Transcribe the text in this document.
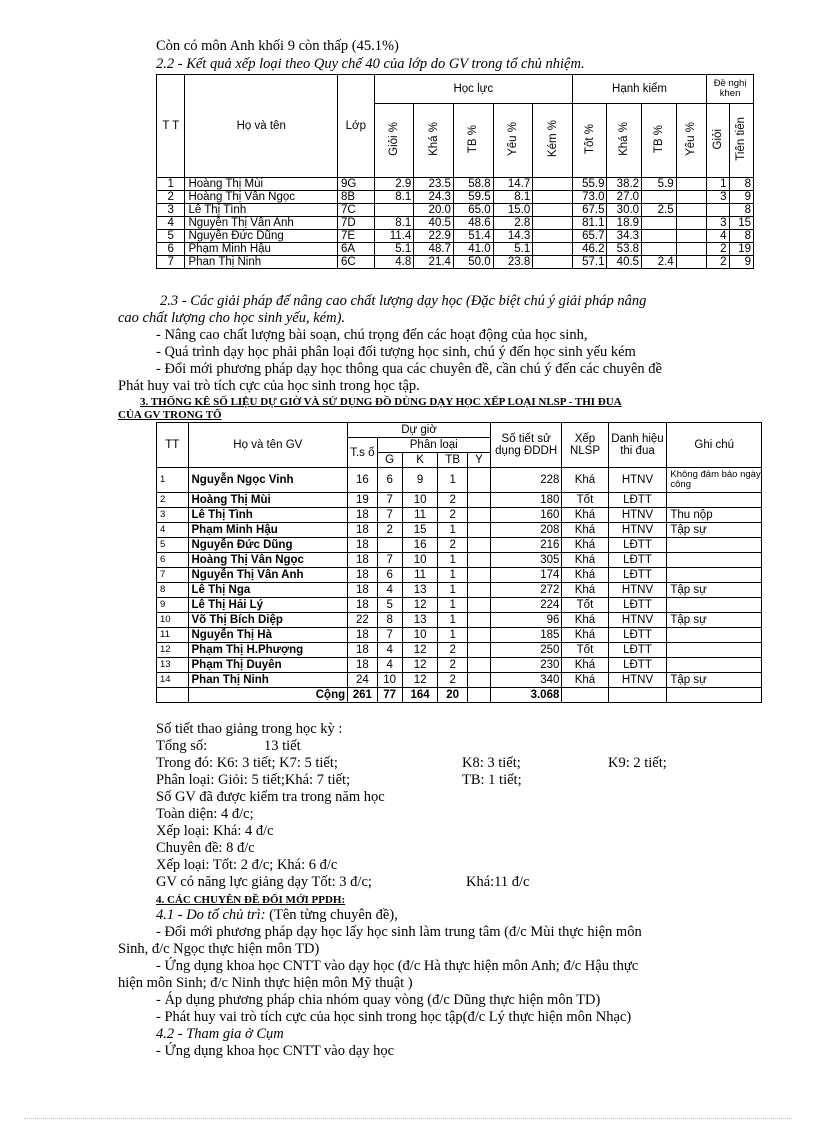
Còn có môn Anh khối 9 còn thấp (45.1%)
2.2 - Kết quả xếp loại theo Quy chế 40 của lớp do GV trong tổ chủ nhiệm.
T T	Họ và tên	Lớp	Học lực					Hạnh kiểm				Đề nghị khen	
			Giỏi %	Khá %	TB %	Yếu %	Kém %	Tốt %	Khá %	TB %	Yếu %	Giỏi	Tiên tiến
1	Hoàng Thị Mùi	9G	2.9	23.5	58.8	14.7		55.9	38.2	5.9		1	8
2	Hoàng Thị Vân Ngọc	8B	8.1	24.3	59.5	8.1		73.0	27.0			3	9
3	Lê Thị Tình	7C		20.0	65.0	15.0		67.5	30.0	2.5			8
4	Nguyễn Thị Vân Anh	7D	8.1	40.5	48.6	2.8		81.1	18.9			3	15
5	Nguyễn Đức Dũng	7E	11.4	22.9	51.4	14.3		65.7	34.3			4	8
6	Phạm Minh Hậu	6A	5.1	48.7	41.0	5.1		46.2	53.8			2	19
7	Phan Thị Ninh	6C	4.8	21.4	50.0	23.8		57.1	40.5	2.4		2	9
2.3 - Các giải pháp để nâng cao chất lượng dạy học (Đặc biệt chú ý giải pháp nâng
cao chất lượng cho học sinh yếu, kém).
- Nâng cao chất lượng bài soạn, chú trọng đến các hoạt động của học sinh,
- Quá trình dạy học phải phân loại đối tượng học sinh, chú ý đến học sinh yếu kém
- Đổi mới phương pháp dạy học thông qua các chuyên đề, cần chú ý đến các chuyên đề
Phát huy vai trò tích cực của học sinh trong học tập.
3. THỐNG KÊ SỐ LIỆU DỰ GIỜ VÀ SỬ DỤNG ĐỒ DÙNG DẠY HỌC XẾP LOẠI NLSP - THI ĐUA
CỦA GV TRONG TỔ
TT	Họ và tên GV	Dự giờ					Số tiết sử dụng ĐDDH	Xếp NLSP	Danh hiệu thi đua	Ghi chú
		T.s ố	Phân loại							
			G	K	TB	Y				
1	Nguyễn Ngọc Vinh	16	6	9	1		228	Khá	HTNV	Không đảm bảo ngày công
2	Hoàng Thị Mùi	19	7	10	2		180	Tốt	LĐTT	
3	Lê Thị Tình	18	7	11	2		160	Khá	HTNV	Thu nộp
4	Phạm Minh Hậu	18	2	15	1		208	Khá	HTNV	Tập sự
5	Nguyễn Đức Dũng	18		16	2		216	Khá	LĐTT	
6	Hoàng Thị Vân Ngọc	18	7	10	1		305	Khá	LĐTT	
7	Nguyễn Thị Vân Anh	18	6	11	1		174	Khá	LĐTT	
8	Lê Thị Nga	18	4	13	1		272	Khá	HTNV	Tập sự
9	Lê Thị Hải Lý	18	5	12	1		224	Tốt	LĐTT	
10	Võ Thị Bích Diệp	22	8	13	1		96	Khá	HTNV	Tập sự
11	Nguyễn Thị Hà	18	7	10	1		185	Khá	LĐTT	
12	Phạm Thị H.Phượng	18	4	12	2		250	Tốt	LĐTT	
13	Phạm Thị Duyên	18	4	12	2		230	Khá	LĐTT	
14	Phan Thị Ninh	24	10	12	2		340	Khá	HTNV	Tập sự
	Cộng	261	77	164	20		3.068			
Số tiết thao giảng trong học kỳ :
Tổng số:	13 tiết
Trong đó: K6: 3 tiết; K7: 5 tiết;	K8: 3 tiết;	K9: 2 tiết;
Phân loại: Giỏi: 5 tiết;Khá: 7 tiết;	TB: 1 tiết;
Số GV đã được kiểm tra trong năm học
Toàn diện: 4 đ/c;
Xếp loại: Khá: 4 đ/c
Chuyên đề: 8 đ/c
Xếp loại: Tốt: 2 đ/c; Khá: 6 đ/c
GV có năng lực giảng dạy Tốt: 3 đ/c;	Khá:11 đ/c
4. CÁC CHUYÊN ĐỀ ĐỔI MỚI PPDH:
4.1 - Do tổ chủ trì: (Tên từng chuyên đề),
- Đổi mới phương pháp dạy học lấy học sinh làm trung tâm (đ/c Mùi thực hiện môn
Sinh, đ/c Ngọc thực hiện môn TD)
- Ứng dụng khoa học CNTT vào dạy học (đ/c Hà thực hiện môn Anh; đ/c Hậu thực
hiện môn Sinh; đ/c Ninh thực hiện môn Mỹ thuật )
- Áp dụng phương pháp chia nhóm quay vòng (đ/c Dũng thực hiện môn TD)
- Phát huy vai trò tích cực của học sinh trong học tập(đ/c Lý thực hiện môn Nhạc)
4.2 - Tham gia ở Cụm
- Ứng dụng khoa học CNTT vào dạy học
